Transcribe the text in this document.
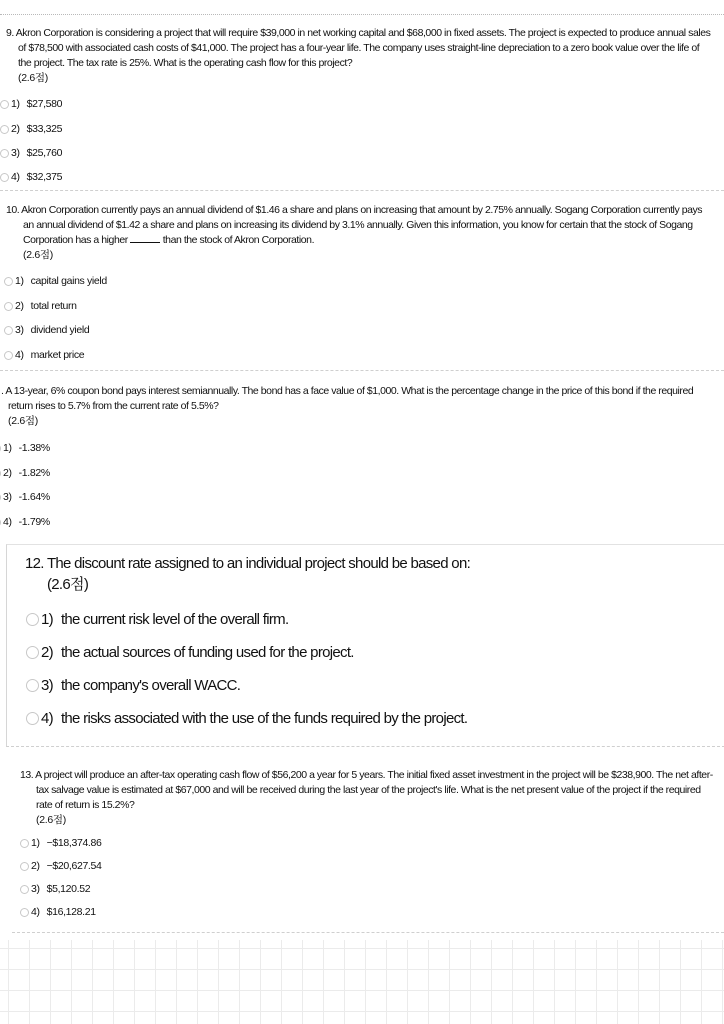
9. Akron Corporation is considering a project that will require $39,000 in net working capital and $68,000 in fixed assets. The project is expected to produce annual sales of $78,500 with associated cash costs of $41,000. The project has a four-year life. The company uses straight-line depreciation to a zero book value over the life of the project. The tax rate is 25%. What is the operating cash flow for this project?

(2.6점)
1) $27,580
2) $33,325
3) $25,760
4) $32,375

10. Akron Corporation currently pays an annual dividend of $1.46 a share and plans on increasing that amount by 2.75% annually. Sogang Corporation currently pays an annual dividend of $1.42 a share and plans on increasing its dividend by 3.1% annually. Given this information, you know for certain that the stock of Sogang Corporation has a higher	than the stock of Akron Corporation.

(2.6점)
1) capital gains yield
2) total return
3) dividend yield
4) market price

. A 13-year, 6% coupon bond pays interest semiannually. The bond has a face value of $1,000. What is the percentage change in the price of this bond if the required return rises to 5.7% from the current rate of 5.5%?

(2.6점)
1) -1.38%
2) -1.82%
3) -1.64%
4) -1.79%
12. The discount rate assigned to an individual project should be based on:
(2.6점)
1) the current risk level of the overall firm.
2) the actual sources of funding used for the project.
3) the company's overall WACC.
4) the risks associated with the use of the funds required by the project.

13. A project will produce an after-tax operating cash flow of $56,200 a year for 5 years. The initial fixed asset investment in the project will be $238,900. The net after-tax salvage value is estimated at $67,000 and will be received during the last year of the project's life. What is the net present value of the project if the required rate of return is 15.2%?

(2.6점)
1) −$18,374.86
2) −$20,627.54
3) $5,120.52
4) $16,128.21
